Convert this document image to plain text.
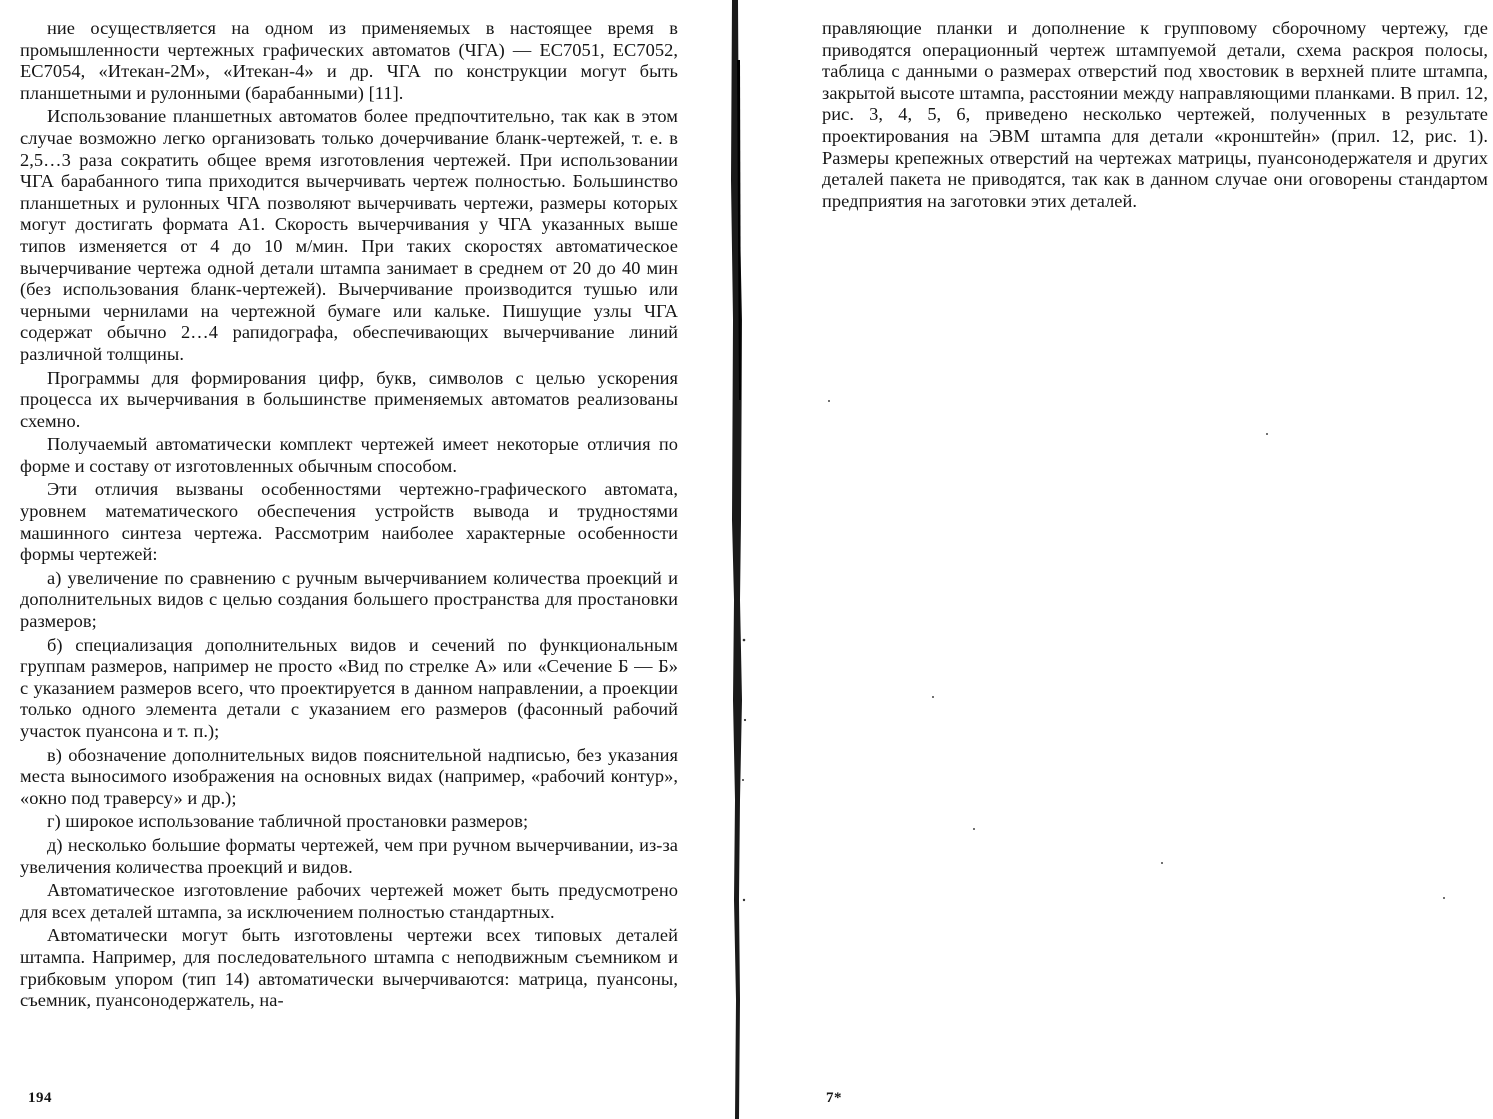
ние осуществляется на одном из применяемых в настоящее время в промышленности чертежных графических автоматов (ЧГА) — ЕС7051, ЕС7052, ЕС7054, «Итекан-2М», «Итекан-4» и др. ЧГА по конструкции могут быть планшетными и рулонными (барабанными) [11].

Использование планшетных автоматов более предпочтительно, так как в этом случае возможно легко организовать только дочерчивание бланк-чертежей, т. е. в 2,5…3 раза сократить общее время изготовления чертежей. При использовании ЧГА барабанного типа приходится вычерчивать чертеж полностью. Большинство планшетных и рулонных ЧГА позволяют вычерчивать чертежи, размеры которых могут достигать формата А1. Скорость вычерчивания у ЧГА указанных выше типов изменяется от 4 до 10 м/мин. При таких скоростях автоматическое вычерчивание чертежа одной детали штампа занимает в среднем от 20 до 40 мин (без использования бланк-чертежей). Вычерчивание производится тушью или черными чернилами на чертежной бумаге или кальке. Пишущие узлы ЧГА содержат обычно 2…4 рапидографа, обеспечивающих вычерчивание линий различной толщины.

Программы для формирования цифр, букв, символов с целью ускорения процесса их вычерчивания в большинстве применяемых автоматов реализованы схемно.

Получаемый автоматически комплект чертежей имеет некоторые отличия по форме и составу от изготовленных обычным способом.

Эти отличия вызваны особенностями чертежно-графического автомата, уровнем математического обеспечения устройств вывода и трудностями машинного синтеза чертежа. Рассмотрим наиболее характерные особенности формы чертежей:

а) увеличение по сравнению с ручным вычерчиванием количества проекций и дополнительных видов с целью создания большего пространства для простановки размеров;

б) специализация дополнительных видов и сечений по функциональным группам размеров, например не просто «Вид по стрелке А» или «Сечение Б — Б» с указанием размеров всего, что проектируется в данном направлении, а проекции только одного элемента детали с указанием его размеров (фасонный рабочий участок пуансона и т. п.);

в) обозначение дополнительных видов пояснительной надписью, без указания места выносимого изображения на основных видах (например, «рабочий контур», «окно под траверсу» и др.);

г) широкое использование табличной простановки размеров;

д) несколько большие форматы чертежей, чем при ручном вычерчивании, из-за увеличения количества проекций и видов.

Автоматическое изготовление рабочих чертежей может быть предусмотрено для всех деталей штампа, за исключением полностью стандартных.

Автоматически могут быть изготовлены чертежи всех типовых деталей штампа. Например, для последовательного штампа с неподвижным съемником и грибковым упором (тип 14) автоматически вычерчиваются: матрица, пуансоны, съемник, пуансонодержатель, на-

194

правляющие планки и дополнение к групповому сборочному чертежу, где приводятся операционный чертеж штампуемой детали, схема раскроя полосы, таблица с данными о размерах отверстий под хвостовик в верхней плите штампа, закрытой высоте штампа, расстоянии между направляющими планками. В прил. 12, рис. 3, 4, 5, 6, приведено несколько чертежей, полученных в результате проектирования на ЭВМ штампа для детали «кронштейн» (прил. 12, рис. 1). Размеры крепежных отверстий на чертежах матрицы, пуансонодержателя и других деталей пакета не приводятся, так как в данном случае они оговорены стандартом предприятия на заготовки этих деталей.

7*
